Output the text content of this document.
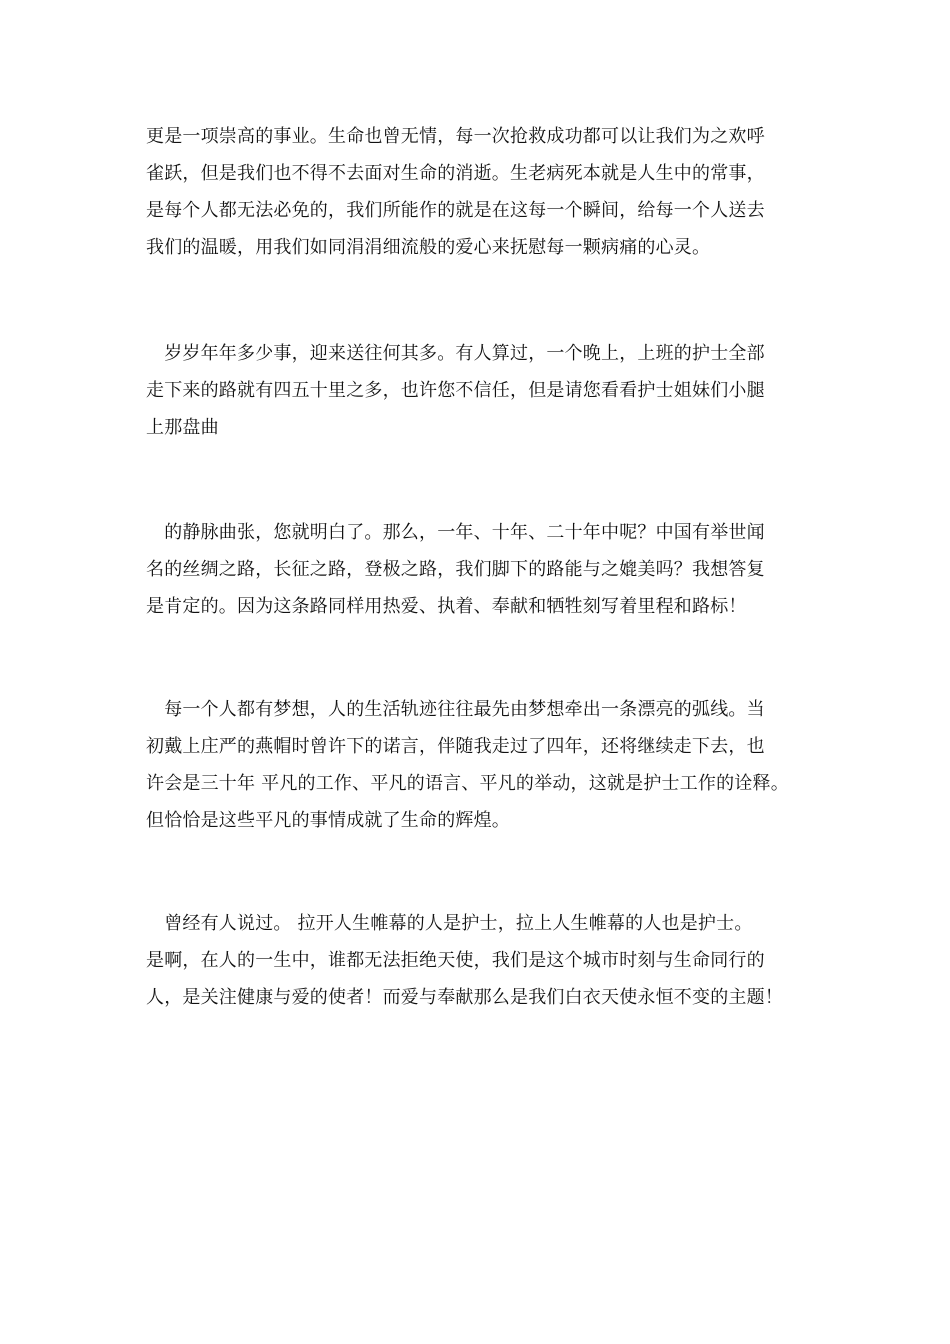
更是一项崇高的事业。生命也曾无情，每一次抢救成功都可以让我们为之欢呼
雀跃，但是我们也不得不去面对生命的消逝。生老病死本就是人生中的常事，
是每个人都无法必免的，我们所能作的就是在这每一个瞬间，给每一个人送去
我们的温暖，用我们如同涓涓细流般的爱心来抚慰每一颗病痛的心灵。
　岁岁年年多少事，迎来送往何其多。有人算过，一个晚上，上班的护士全部
走下来的路就有四五十里之多，也许您不信任，但是请您看看护士姐妹们小腿
上那盘曲
　的静脉曲张，您就明白了。那么，一年、十年、二十年中呢？中国有举世闻
名的丝绸之路，长征之路，登极之路，我们脚下的路能与之媲美吗？我想答复
是肯定的。因为这条路同样用热爱、执着、奉献和牺牲刻写着里程和路标！
　每一个人都有梦想，人的生活轨迹往往最先由梦想牵出一条漂亮的弧线。当
初戴上庄严的燕帽时曾许下的诺言，伴随我走过了四年，还将继续走下去，也
许会是三十年 平凡的工作、平凡的语言、平凡的举动，这就是护士工作的诠释。
但恰恰是这些平凡的事情成就了生命的辉煌。
　曾经有人说过。 拉开人生帷幕的人是护士，拉上人生帷幕的人也是护士。
是啊，在人的一生中，谁都无法拒绝天使，我们是这个城市时刻与生命同行的
人，是关注健康与爱的使者！而爱与奉献那么是我们白衣天使永恒不变的主题！
